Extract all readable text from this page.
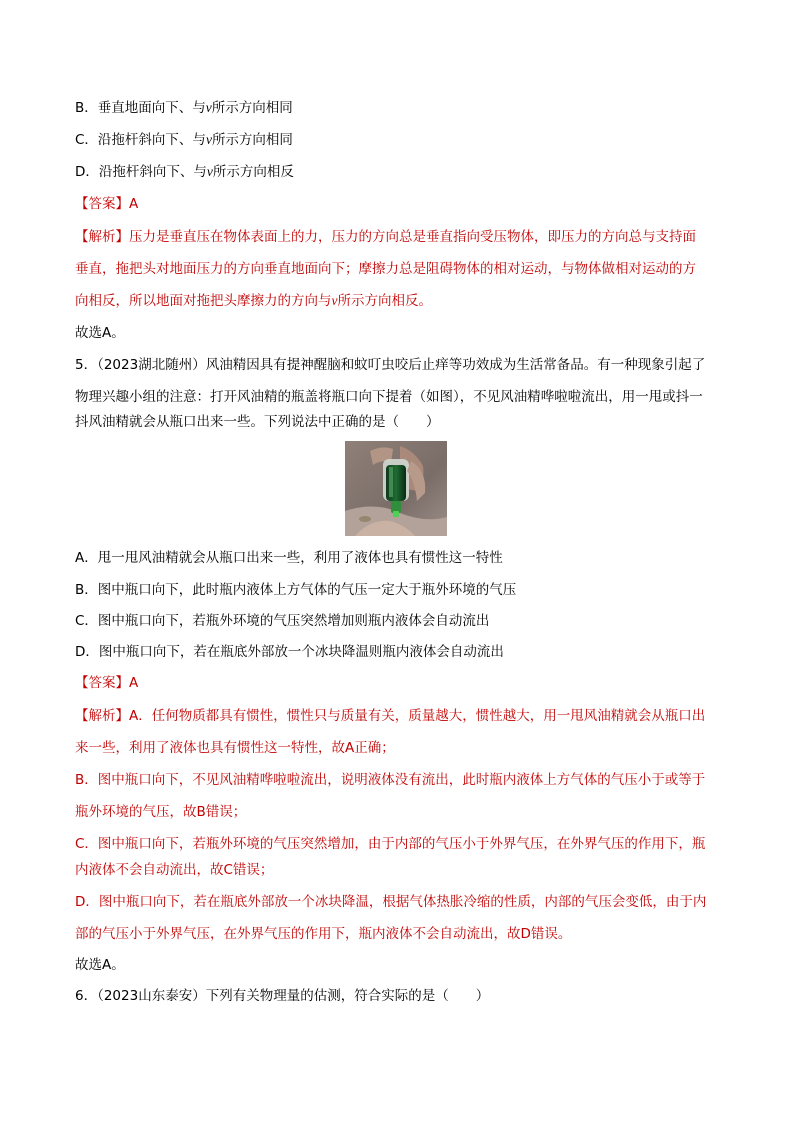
B．垂直地面向下、与v所示方向相同
C．沿拖杆斜向下、与v所示方向相同
D．沿拖杆斜向下、与v所示方向相反
【答案】A
【解析】压力是垂直压在物体表面上的力，压力的方向总是垂直指向受压物体，即压力的方向总与支持面
垂直，拖把头对地面压力的方向垂直地面向下；摩擦力总是阻碍物体的相对运动，与物体做相对运动的方
向相反，所以地面对拖把头摩擦力的方向与v所示方向相反。
故选A。
5．（2023湖北随州）风油精因具有提神醒脑和蚊叮虫咬后止痒等功效成为生活常备品。有一种现象引起了
物理兴趣小组的注意：打开风油精的瓶盖将瓶口向下提着（如图），不见风油精哗啦啦流出，用一甩或抖一
抖风油精就会从瓶口出来一些。下列说法中正确的是（　　）
A．甩一甩风油精就会从瓶口出来一些，利用了液体也具有惯性这一特性
B．图中瓶口向下，此时瓶内液体上方气体的气压一定大于瓶外环境的气压
C．图中瓶口向下，若瓶外环境的气压突然增加则瓶内液体会自动流出
D．图中瓶口向下，若在瓶底外部放一个冰块降温则瓶内液体会自动流出
【答案】A
【解析】A．任何物质都具有惯性，惯性只与质量有关，质量越大，惯性越大，用一甩风油精就会从瓶口出
来一些，利用了液体也具有惯性这一特性，故A正确；
B．图中瓶口向下，不见风油精哗啦啦流出，说明液体没有流出，此时瓶内液体上方气体的气压小于或等于
瓶外环境的气压，故B错误；
C．图中瓶口向下，若瓶外环境的气压突然增加，由于内部的气压小于外界气压，在外界气压的作用下，瓶
内液体不会自动流出，故C错误；
D．图中瓶口向下，若在瓶底外部放一个冰块降温，根据气体热胀冷缩的性质，内部的气压会变低，由于内
部的气压小于外界气压，在外界气压的作用下，瓶内液体不会自动流出，故D错误。
故选A。
6．（2023山东泰安）下列有关物理量的估测，符合实际的是（　　）
